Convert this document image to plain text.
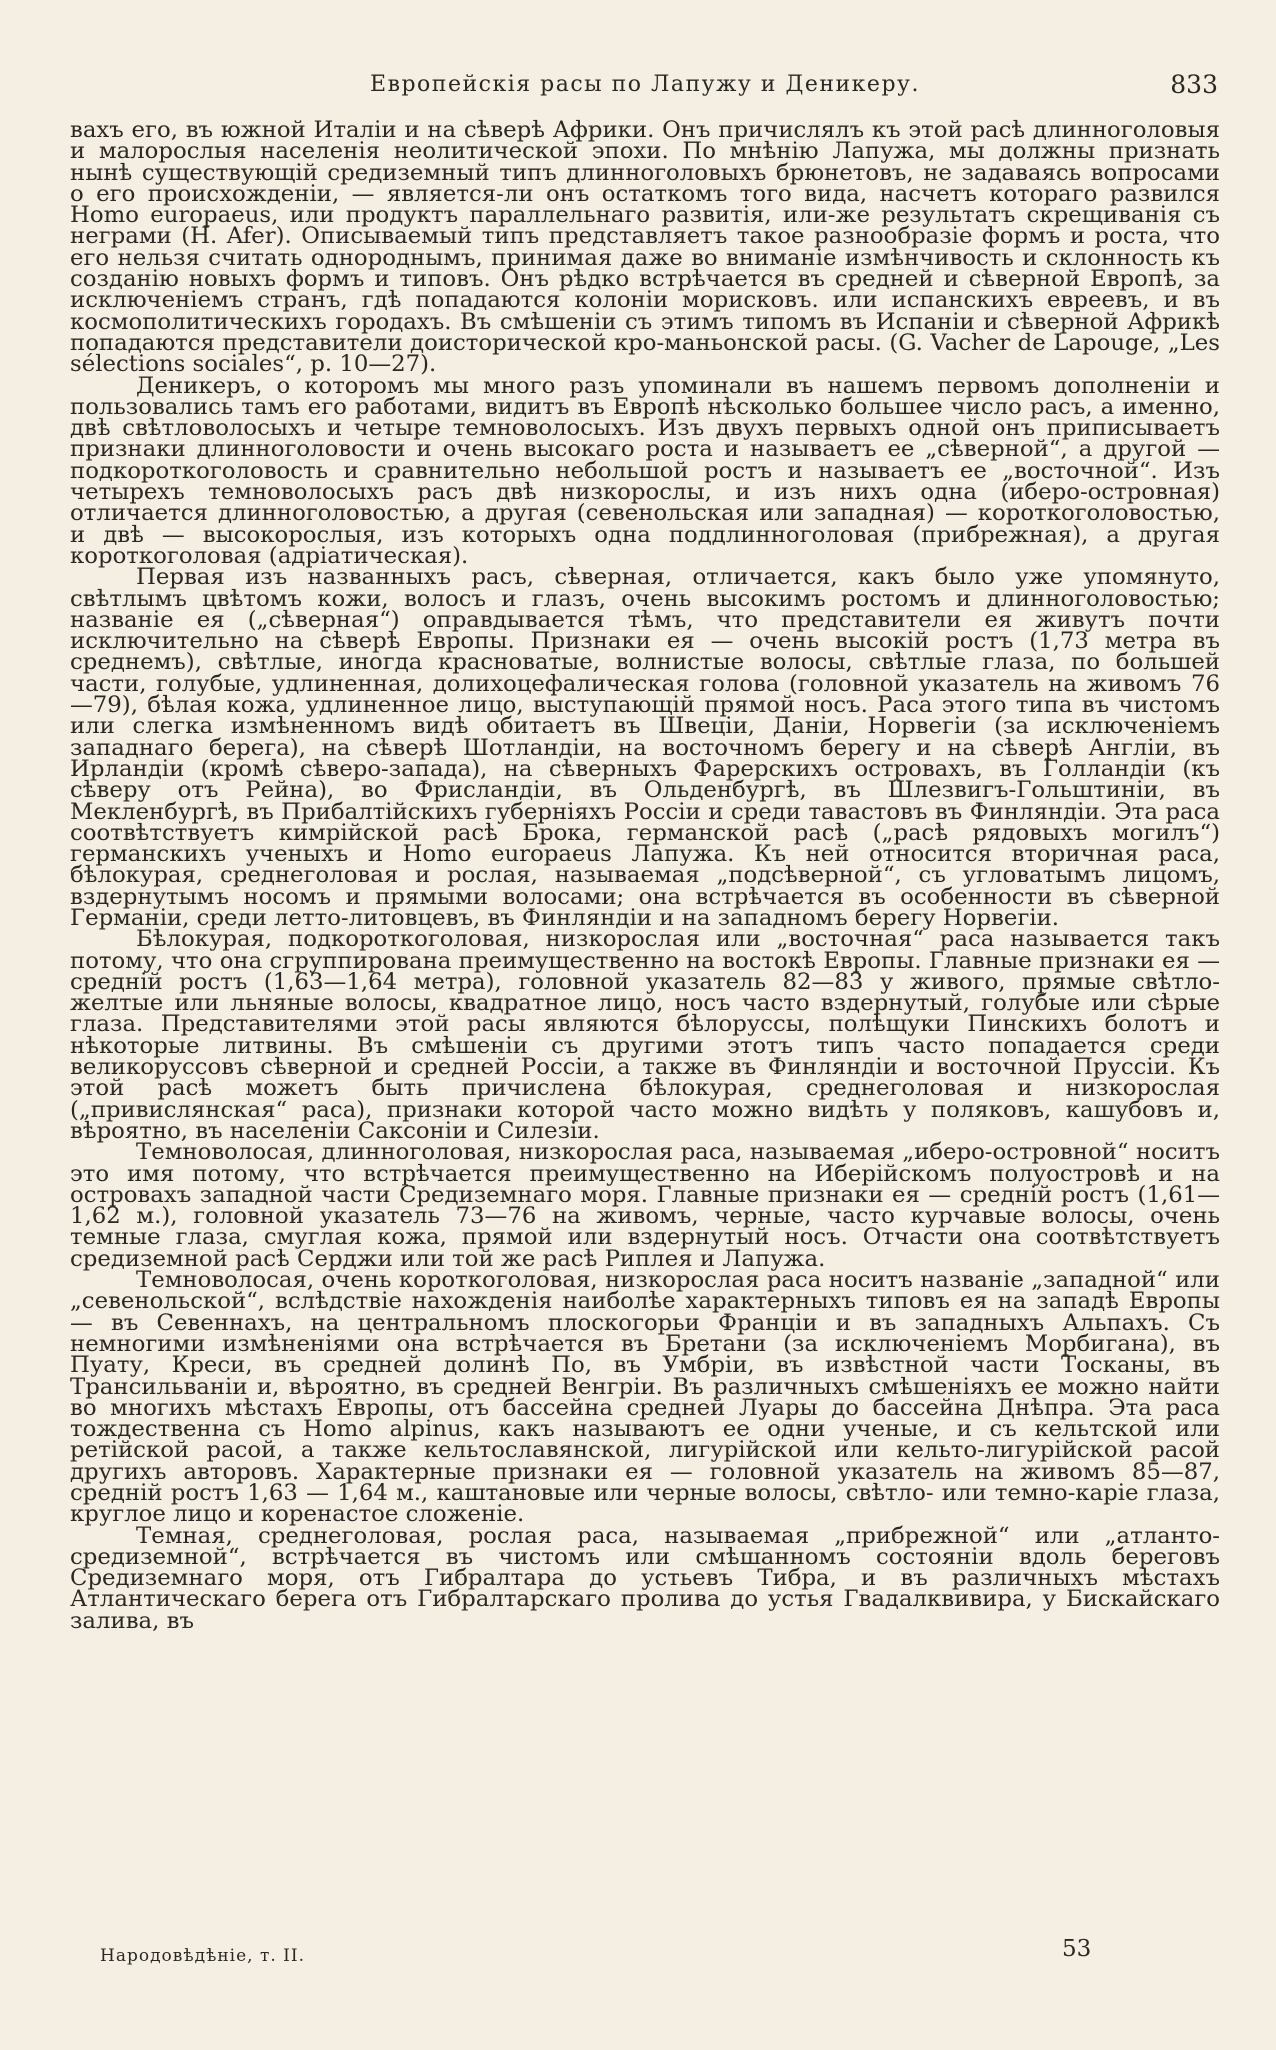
Европейскія расы по Лапужу и Деникеру.	833

вахъ его, въ южной Италіи и на сѣверѣ Африки. Онъ причислялъ къ этой расѣ длинноголовыя и малорослыя населенія неолитической эпохи. По мнѣнію Лапужа, мы должны признать нынѣ существующій средиземный типъ длинноголовыхъ брюнетовъ, не задаваясь вопросами о его происхожденіи, — является-ли онъ остаткомъ того вида, насчетъ котораго развился Homo europaeus, или продуктъ параллельнаго развитія, или-же результатъ скрещиванія съ неграми (H. Afer). Описываемый типъ представляетъ такое разнообразіе формъ и роста, что его нельзя считать однороднымъ, принимая даже во вниманіе измѣнчивость и склонность къ созданію новыхъ формъ и типовъ. Онъ рѣдко встрѣчается въ средней и сѣверной Европѣ, за исключеніемъ странъ, гдѣ попадаются колоніи морисковъ. или испанскихъ евреевъ, и въ космополитическихъ городахъ. Въ смѣшеніи съ этимъ типомъ въ Испаніи и сѣверной Африкѣ попадаются представители доисторической кро-маньонской расы. (G. Vacher de Lapouge, „Les sélections sociales“, p. 10—27).

Деникеръ, о которомъ мы много разъ упоминали въ нашемъ первомъ дополненіи и пользовались тамъ его работами, видитъ въ Европѣ нѣсколько большее число расъ, а именно, двѣ свѣтловолосыхъ и четыре темноволосыхъ. Изъ двухъ первыхъ одной онъ приписываетъ признаки длинноголовости и очень высокаго роста и называетъ ее „сѣверной“, а другой — подкороткоголовость и сравнительно небольшой ростъ и называетъ ее „восточной“. Изъ четырехъ темноволосыхъ расъ двѣ низкорослы, и изъ нихъ одна (иберо-островная) отличается длинноголовостью, а другая (севенольская или западная) — короткоголовостью, и двѣ — высокорослыя, изъ которыхъ одна поддлинноголовая (прибрежная), а другая короткоголовая (адріатическая).

Первая изъ названныхъ расъ, сѣверная, отличается, какъ было уже упомянуто, свѣтлымъ цвѣтомъ кожи, волосъ и глазъ, очень высокимъ ростомъ и длинноголовостью; названіе ея („сѣверная“) оправдывается тѣмъ, что представители ея живутъ почти исключительно на сѣверѣ Европы. Признаки ея — очень высокій ростъ (1,73 метра въ среднемъ), свѣтлые, иногда красноватые, волнистые волосы, свѣтлые глаза, по большей части, голубые, удлиненная, долихоцефалическая голова (головной указатель на живомъ 76—79), бѣлая кожа, удлиненное лицо, выступающій прямой носъ. Раса этого типа въ чистомъ или слегка измѣненномъ видѣ обитаетъ въ Швеціи, Даніи, Норвегіи (за исключеніемъ западнаго берега), на сѣверѣ Шотландіи, на восточномъ берегу и на сѣверѣ Англіи, въ Ирландіи (кромѣ сѣверо-запада), на сѣверныхъ Фарерскихъ островахъ, въ Голландіи (къ сѣверу отъ Рейна), во Фрисландіи, въ Ольденбургѣ, въ Шлезвигъ-Гольштиніи, въ Мекленбургѣ, въ Прибалтійскихъ губерніяхъ Россіи и среди тавастовъ въ Финляндіи. Эта раса соотвѣтствуетъ кимрійской расѣ Брока, германской расѣ („расѣ рядовыхъ могилъ“) германскихъ ученыхъ и Homo europaeus Лапужа. Къ ней относится вторичная раса, бѣлокурая, среднеголовая и рослая, называемая „подсѣверной“, съ угловатымъ лицомъ, вздернутымъ носомъ и прямыми волосами; она встрѣчается въ особенности въ сѣверной Германіи, среди летто-литовцевъ, въ Финляндіи и на западномъ берегу Норвегіи.

Бѣлокурая, подкороткоголовая, низкорослая или „восточная“ раса называется такъ потому, что она сгруппирована преимущественно на востокѣ Европы. Главные признаки ея — средній ростъ (1,63—1,64 метра), головной указатель 82—83 у живого, прямые свѣтло-желтые или льняные волосы, квадратное лицо, носъ часто вздернутый, голубые или сѣрые глаза. Представителями этой расы являются бѣлоруссы, полѣщуки Пинскихъ болотъ и нѣкоторые литвины. Въ смѣшеніи съ другими этотъ типъ часто попадается среди великоруссовъ сѣверной и средней Россіи, а также въ Финляндіи и восточной Пруссіи. Къ этой расѣ можетъ быть причислена бѣлокурая, среднеголовая и низкорослая („привислянская“ раса), признаки которой часто можно видѣть у поляковъ, кашубовъ и, вѣроятно, въ населеніи Саксоніи и Силезіи.

Темноволосая, длинноголовая, низкорослая раса, называемая „иберо-островной“ носитъ это имя потому, что встрѣчается преимущественно на Иберійскомъ полуостровѣ и на островахъ западной части Средиземнаго моря. Главные признаки ея — средній ростъ (1,61—1,62 м.), головной указатель 73—76 на живомъ, черные, часто курчавые волосы, очень темные глаза, смуглая кожа, прямой или вздернутый носъ. Отчасти она соотвѣтствуетъ средиземной расѣ Серджи или той же расѣ Риплея и Лапужа.

Темноволосая, очень короткоголовая, низкорослая раса носитъ названіе „западной“ или „севенольской“, вслѣдствіе нахожденія наиболѣе характерныхъ типовъ ея на западѣ Европы — въ Севеннахъ, на центральномъ плоскогорьи Франціи и въ западныхъ Альпахъ. Съ немногими измѣненіями она встрѣчается въ Бретани (за исключеніемъ Морбигана), въ Пуату, Креси, въ средней долинѣ По, въ Умбріи, въ извѣстной части Тосканы, въ Трансильваніи и, вѣроятно, въ средней Венгріи. Въ различныхъ смѣшеніяхъ ее можно найти во многихъ мѣстахъ Европы, отъ бассейна средней Луары до бассейна Днѣпра. Эта раса тождественна съ Homo alpinus, какъ называютъ ее одни ученые, и съ кельтской или ретійской расой, а также кельтославянской, лигурійской или кельто-лигурійской расой другихъ авторовъ. Характерные признаки ея — головной указатель на живомъ 85—87, средній ростъ 1,63 — 1,64 м., каштановые или черные волосы, свѣтло- или темно-каріе глаза, круглое лицо и коренастое сложеніе.

Темная, среднеголовая, рослая раса, называемая „прибрежной“ или „атланто-средиземной“, встрѣчается въ чистомъ или смѣшанномъ состояніи вдоль береговъ Средиземнаго моря, отъ Гибралтара до устьевъ Тибра, и въ различныхъ мѣстахъ Атлантическаго берега отъ Гибралтарскаго пролива до устья Гвадалквивира, у Бискайскаго залива, въ

Народовѣдѣніе, т. II.	53
